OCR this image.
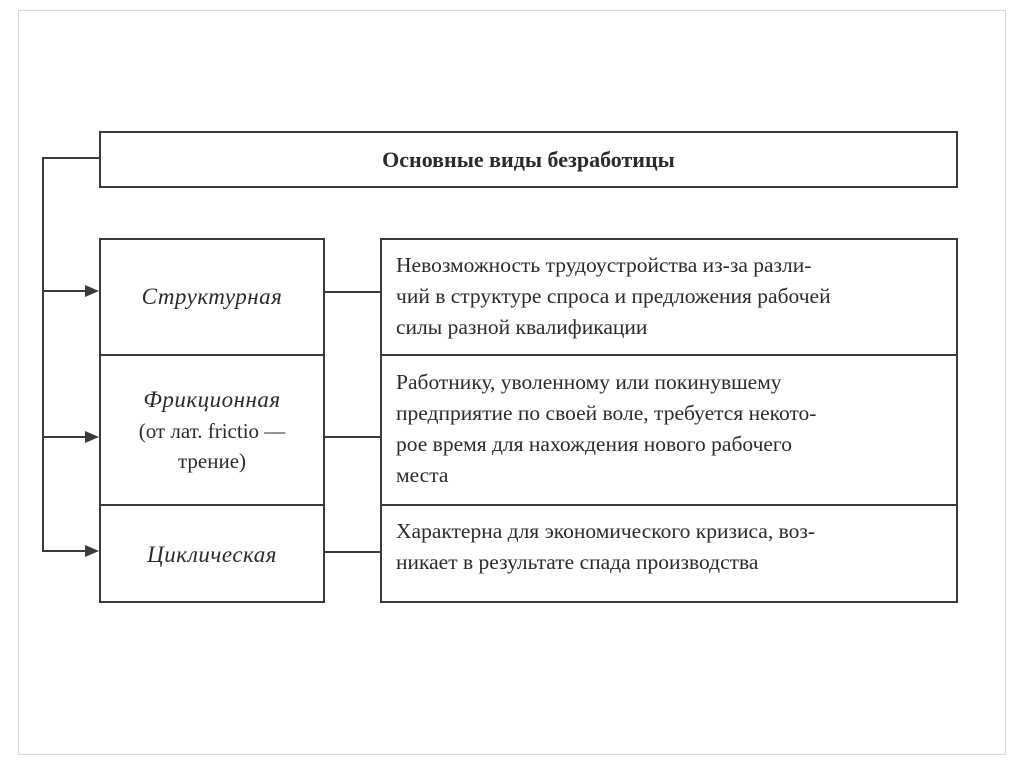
Основные виды безработицы
Структурная
Фрикционная
(от лат. frictio —
трение)
Циклическая
Невозможность трудоустройства из-за разли-
чий в структуре спроса и предложения рабочей
силы разной квалификации
Работнику, уволенному или покинувшему
предприятие по своей воле, требуется некото-
рое время для нахождения нового рабочего
места
Характерна для экономического кризиса, воз-
никает в результате спада производства
